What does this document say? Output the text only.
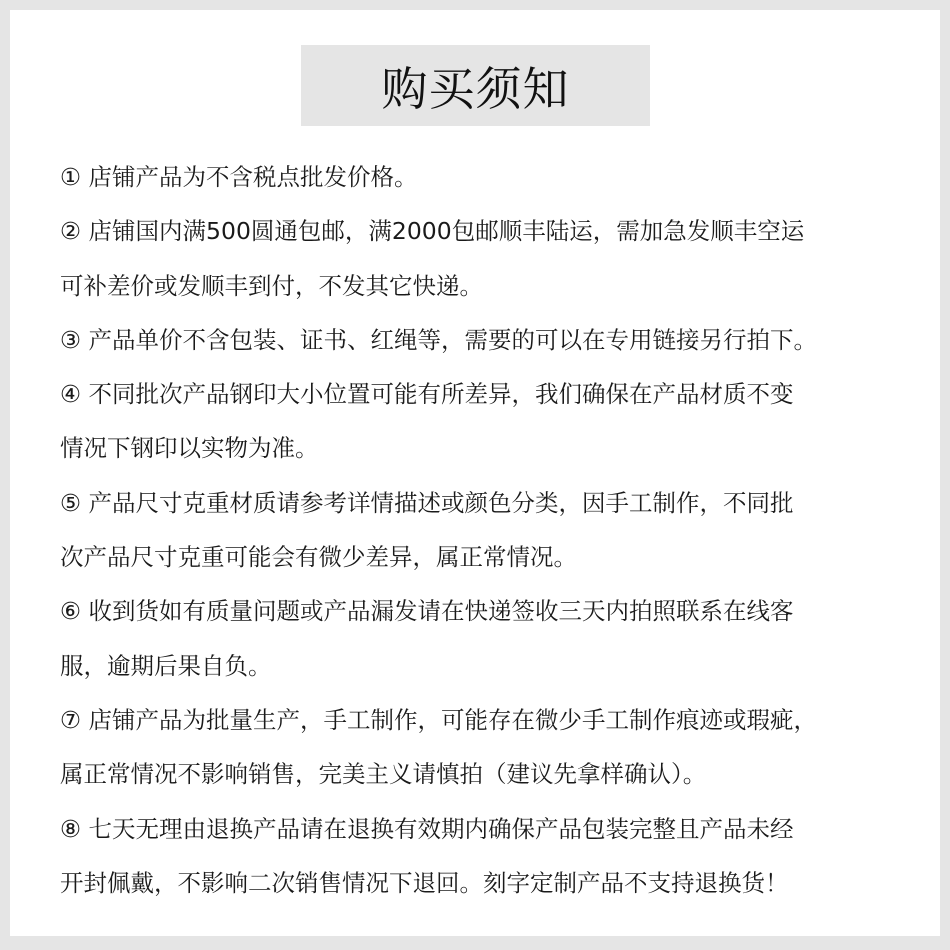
购买须知
① 店铺产品为不含税点批发价格。
② 店铺国内满500圆通包邮，满2000包邮顺丰陆运，需加急发顺丰空运
可补差价或发顺丰到付，不发其它快递。
③ 产品单价不含包装、证书、红绳等，需要的可以在专用链接另行拍下。
④ 不同批次产品钢印大小位置可能有所差异，我们确保在产品材质不变
情况下钢印以实物为准。
⑤ 产品尺寸克重材质请参考详情描述或颜色分类，因手工制作，不同批
次产品尺寸克重可能会有微少差异，属正常情况。
⑥ 收到货如有质量问题或产品漏发请在快递签收三天内拍照联系在线客
服，逾期后果自负。
⑦ 店铺产品为批量生产，手工制作，可能存在微少手工制作痕迹或瑕疵，
属正常情况不影响销售，完美主义请慎拍（建议先拿样确认）。
⑧ 七天无理由退换产品请在退换有效期内确保产品包装完整且产品未经
开封佩戴，不影响二次销售情况下退回。刻字定制产品不支持退换货！
